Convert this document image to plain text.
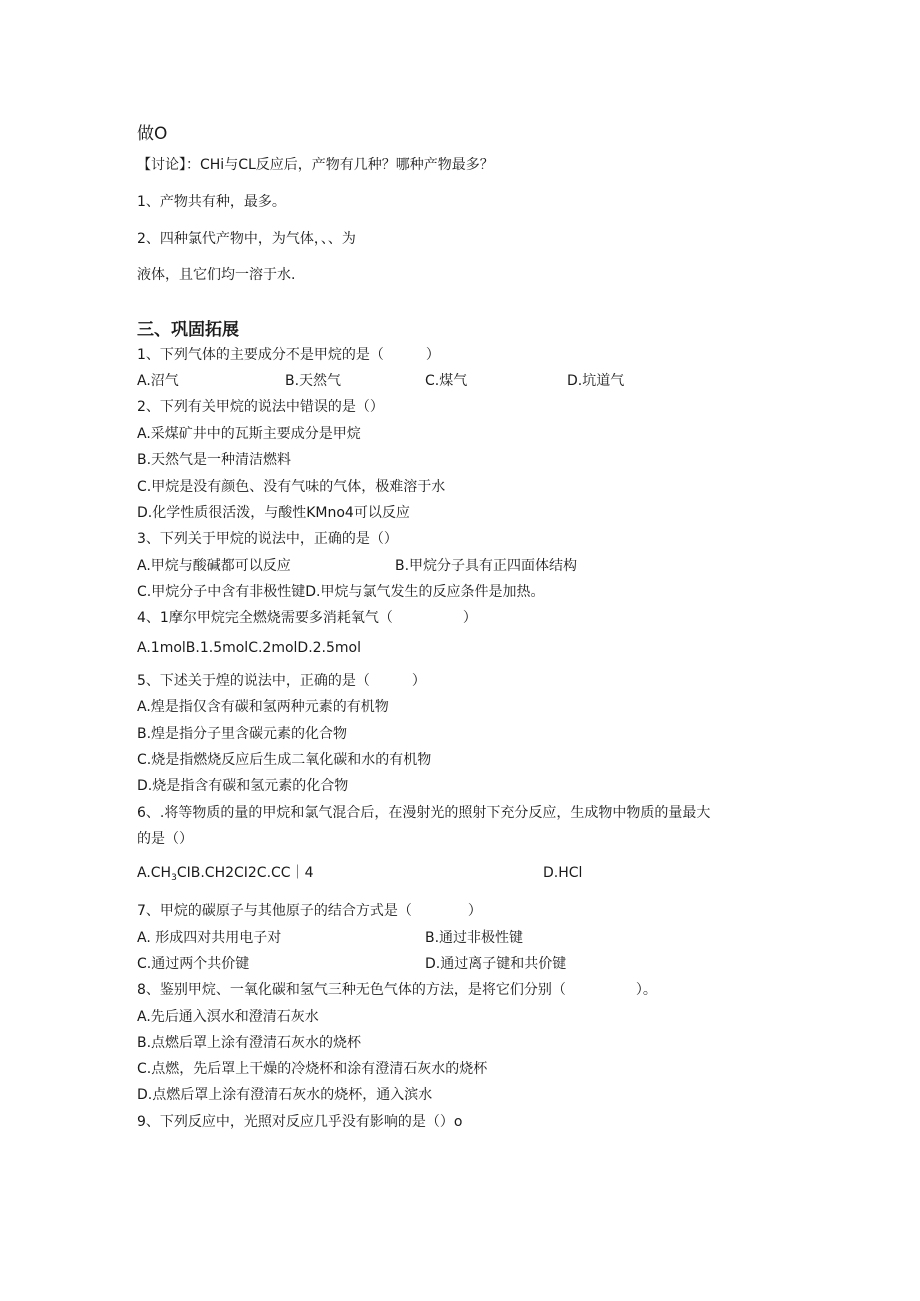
做O
【讨论】：CHi与CL反应后，产物有几种？哪种产物最多？
1、产物共有种，最多。
2、四种氯代产物中，为气体，、、为
液体，且它们均一溶于水.
三、巩固拓展
1、下列气体的主要成分不是甲烷的是（　　　）
A.沼气	B.天然气	C.煤气	D.坑道气
2、下列有关甲烷的说法中错误的是（）
A.采煤矿井中的瓦斯主要成分是甲烷
B.天然气是一种清洁燃料
C.甲烷是没有颜色、没有气味的气体，极难溶于水
D.化学性质很活泼，与酸性KMno4可以反应
3、下列关于甲烷的说法中，正确的是（）
A.甲烷与酸碱都可以反应	B.甲烷分子具有正四面体结构
C.甲烷分子中含有非极性键D.甲烷与氯气发生的反应条件是加热。
4、1摩尔甲烷完全燃烧需要多消耗氧气（　　　　　）
A.1molB.1.5molC.2molD.2.5mol
5、下述关于煌的说法中，正确的是（　　　）
A.煌是指仅含有碳和氢两种元素的有机物
B.煌是指分子里含碳元素的化合物
C.烧是指燃烧反应后生成二氧化碳和水的有机物
D.烧是指含有碳和氢元素的化合物
6、.将等物质的量的甲烷和氯气混合后，在漫射光的照射下充分反应，生成物中物质的量最大
的是（）
$A.CH_3CIB.CH2CI2C.CC|4$	D.HCl
7、甲烷的碳原子与其他原子的结合方式是（　　　　）
A. 形成四对共用电子对	B.通过非极性键
C.通过两个共价键	D.通过离子键和共价键
8、鉴别甲烷、一氧化碳和氢气三种无色气体的方法，是将它们分别（　　　　　）。
A.先后通入溟水和澄清石灰水
B.点燃后罩上涂有澄清石灰水的烧杯
C.点燃，先后罩上干燥的冷烧杯和涂有澄清石灰水的烧杯
D.点燃后罩上涂有澄清石灰水的烧杯，通入滨水
9、下列反应中，光照对反应几乎没有影响的是（）o
